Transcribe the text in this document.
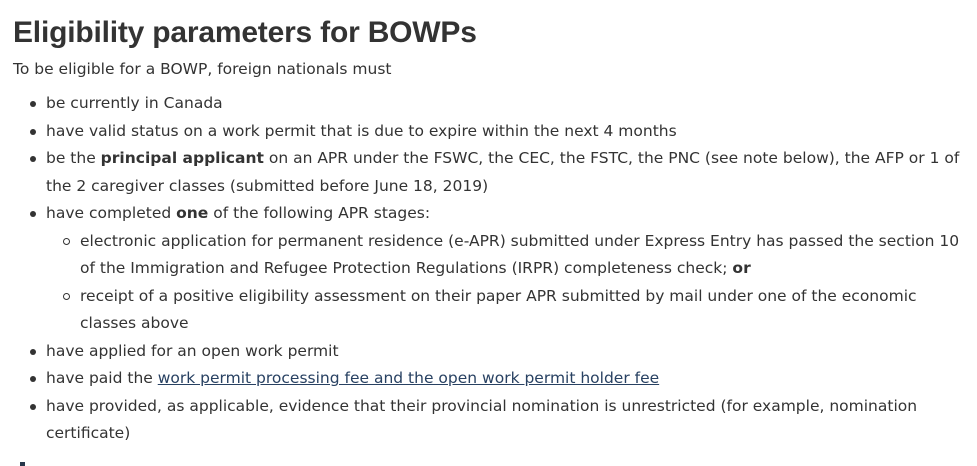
Eligibility parameters for BOWPs

To be eligible for a BOWP, foreign nationals must

be currently in Canada
have valid status on a work permit that is due to expire within the next 4 months
be the principal applicant on an APR under the FSWC, the CEC, the FSTC, the PNC (see note below), the AFP or 1 of the 2 caregiver classes (submitted before June 18, 2019)
have completed one of the following APR stages:
electronic application for permanent residence (e-APR) submitted under Express Entry has passed the section 10 of the Immigration and Refugee Protection Regulations (IRPR) completeness check; or
receipt of a positive eligibility assessment on their paper APR submitted by mail under one of the economic classes above
have applied for an open work permit
have paid the work permit processing fee and the open work permit holder fee
have provided, as applicable, evidence that their provincial nomination is unrestricted (for example, nomination certificate)
